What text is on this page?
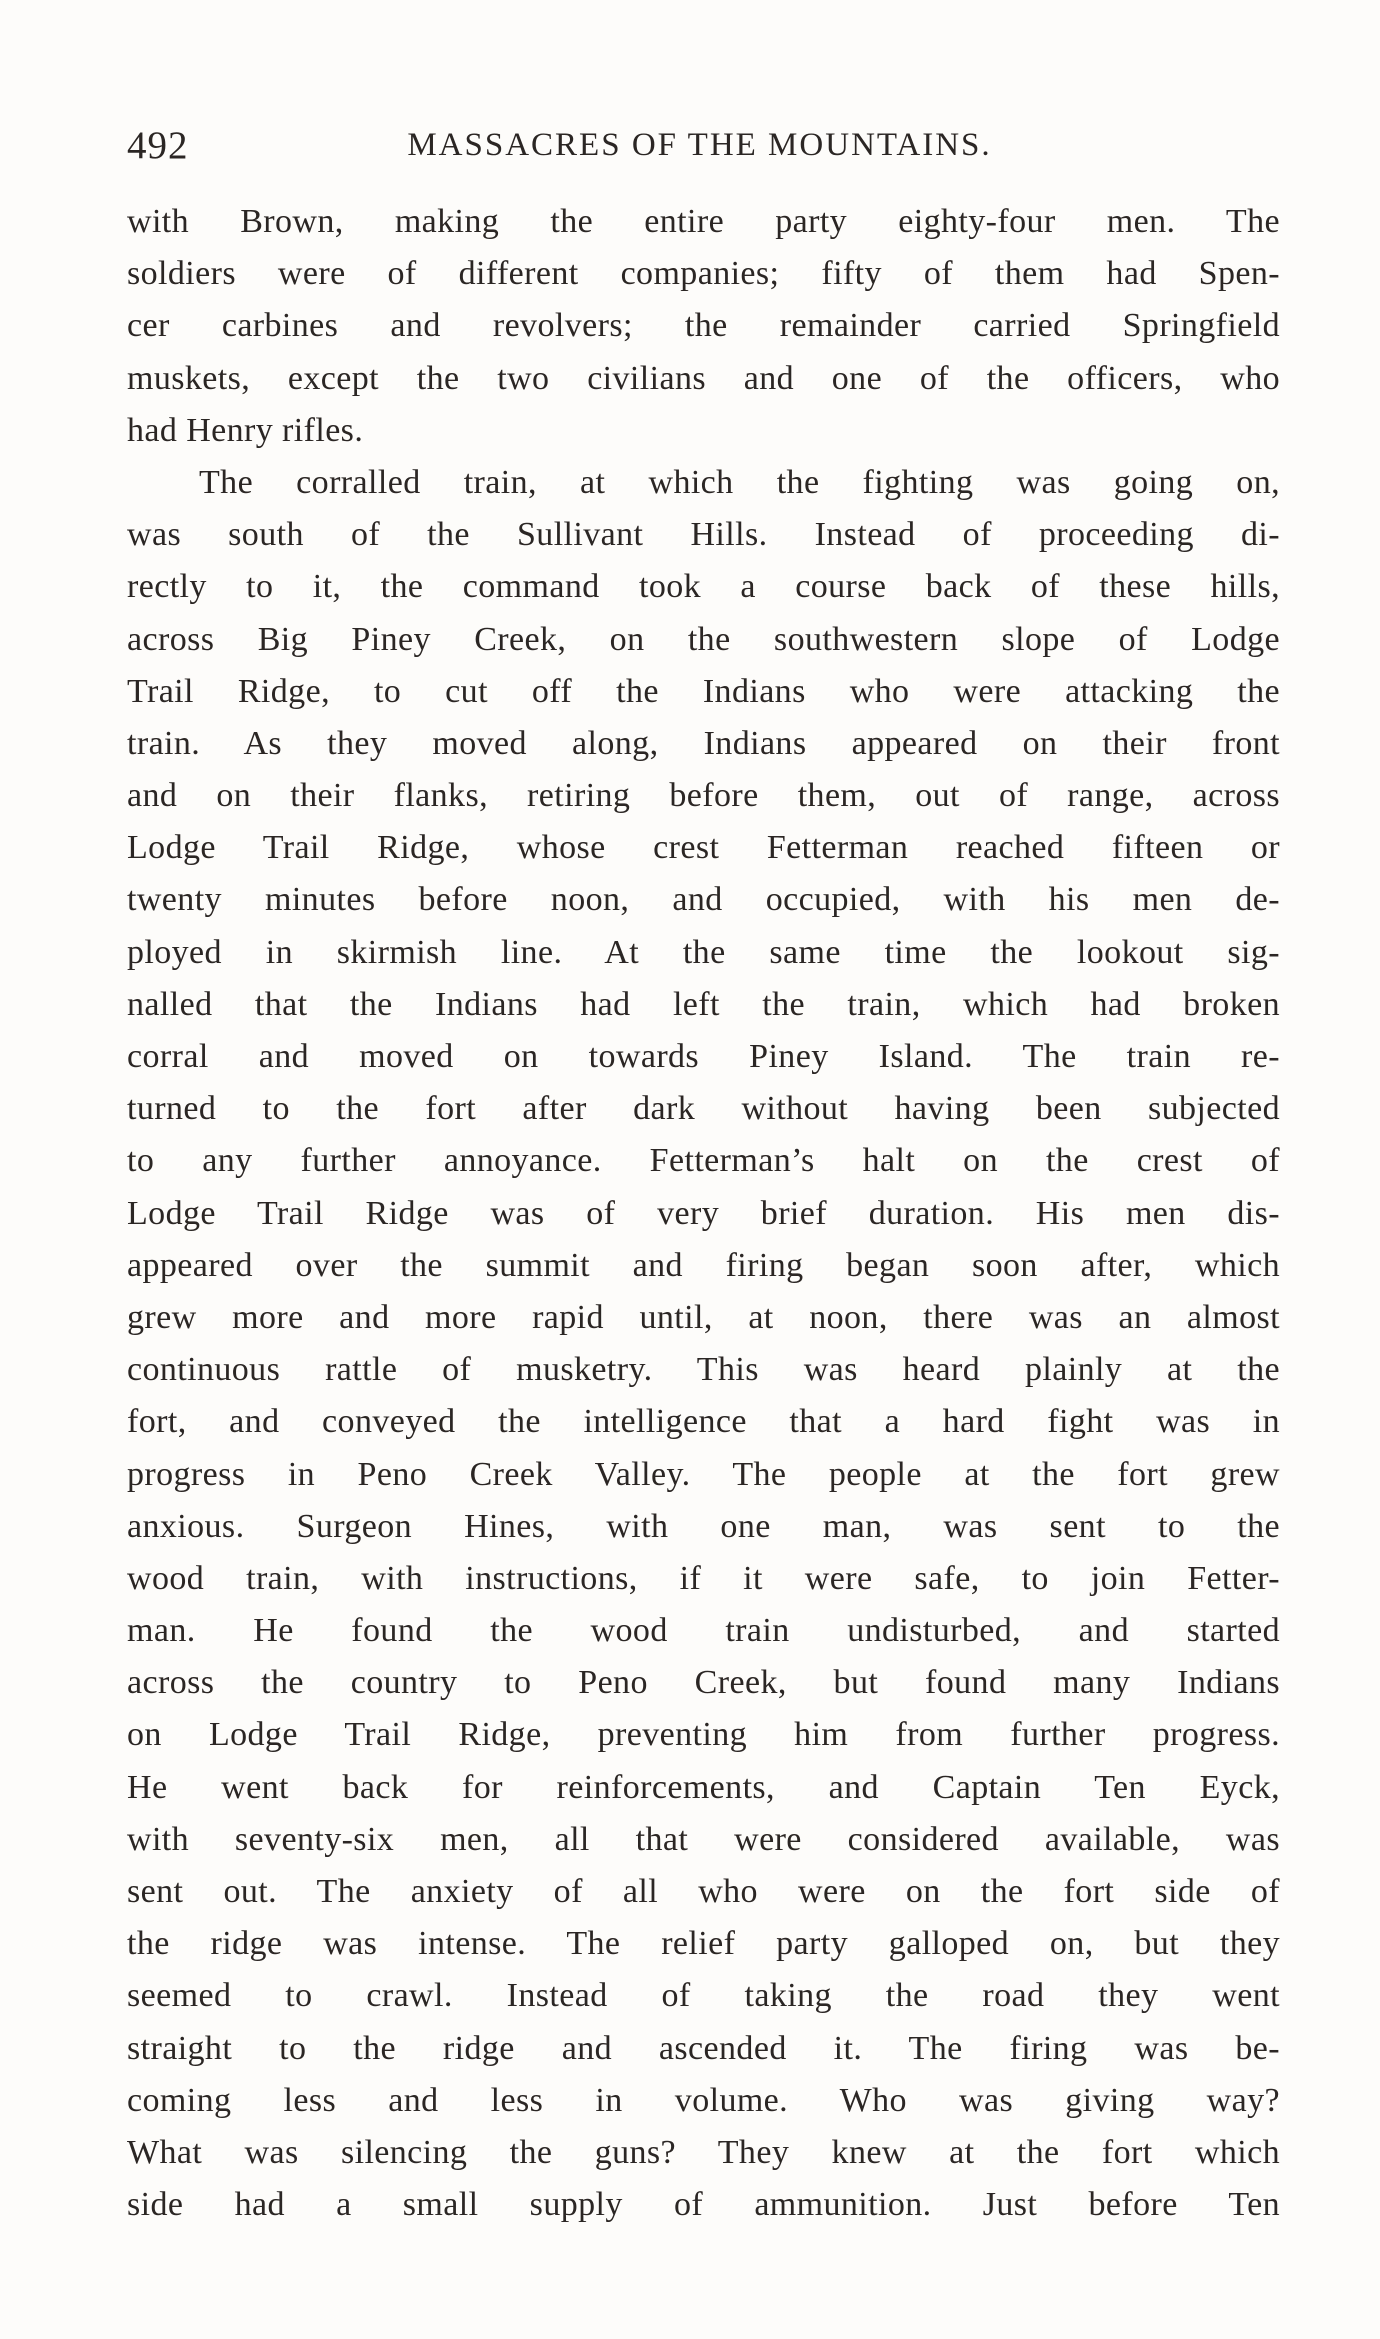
492	MASSACRES OF THE MOUNTAINS.
with Brown, making the entire party eighty-four men. The
soldiers were of different companies; fifty of them had Spen-
cer carbines and revolvers; the remainder carried Springfield
muskets, except the two civilians and one of the officers, who
had Henry rifles.
The corralled train, at which the fighting was going on,
was south of the Sullivant Hills. Instead of proceeding di-
rectly to it, the command took a course back of these hills,
across Big Piney Creek, on the southwestern slope of Lodge
Trail Ridge, to cut off the Indians who were attacking the
train. As they moved along, Indians appeared on their front
and on their flanks, retiring before them, out of range, across
Lodge Trail Ridge, whose crest Fetterman reached fifteen or
twenty minutes before noon, and occupied, with his men de-
ployed in skirmish line. At the same time the lookout sig-
nalled that the Indians had left the train, which had broken
corral and moved on towards Piney Island. The train re-
turned to the fort after dark without having been subjected
to any further annoyance. Fetterman’s halt on the crest of
Lodge Trail Ridge was of very brief duration. His men dis-
appeared over the summit and firing began soon after, which
grew more and more rapid until, at noon, there was an almost
continuous rattle of musketry. This was heard plainly at the
fort, and conveyed the intelligence that a hard fight was in
progress in Peno Creek Valley. The people at the fort grew
anxious. Surgeon Hines, with one man, was sent to the
wood train, with instructions, if it were safe, to join Fetter-
man. He found the wood train undisturbed, and started
across the country to Peno Creek, but found many Indians
on Lodge Trail Ridge, preventing him from further progress.
He went back for reinforcements, and Captain Ten Eyck,
with seventy-six men, all that were considered available, was
sent out. The anxiety of all who were on the fort side of
the ridge was intense. The relief party galloped on, but they
seemed to crawl. Instead of taking the road they went
straight to the ridge and ascended it. The firing was be-
coming less and less in volume. Who was giving way?
What was silencing the guns? They knew at the fort which
side had a small supply of ammunition. Just before Ten
